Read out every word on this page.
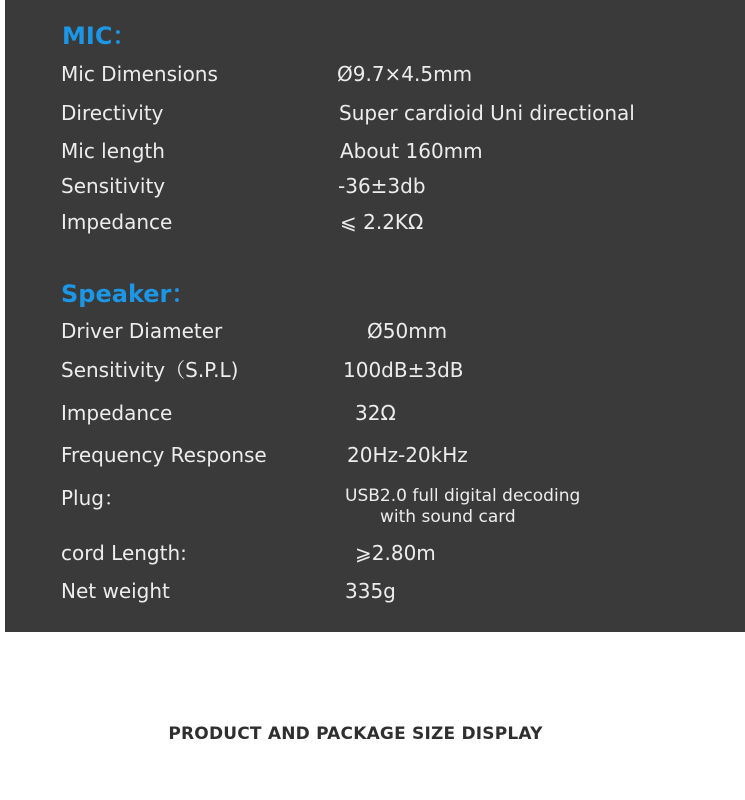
MIC：
Mic Dimensions	Ø9.7×4.5mm
Directivity	Super cardioid Uni directional
Mic length	About 160mm
Sensitivity	-36±3db
Impedance	⩽ 2.2KΩ
Speaker：
Driver Diameter	Ø50mm
Sensitivity（S.P.L)	100dB±3dB
Impedance	32Ω
Frequency Response	20Hz-20kHz
Plug：	USB2.0 full digital decoding
with sound card
cord Length:	⩾2.80m
Net weight	335g
PRODUCT AND PACKAGE SIZE DISPLAY
